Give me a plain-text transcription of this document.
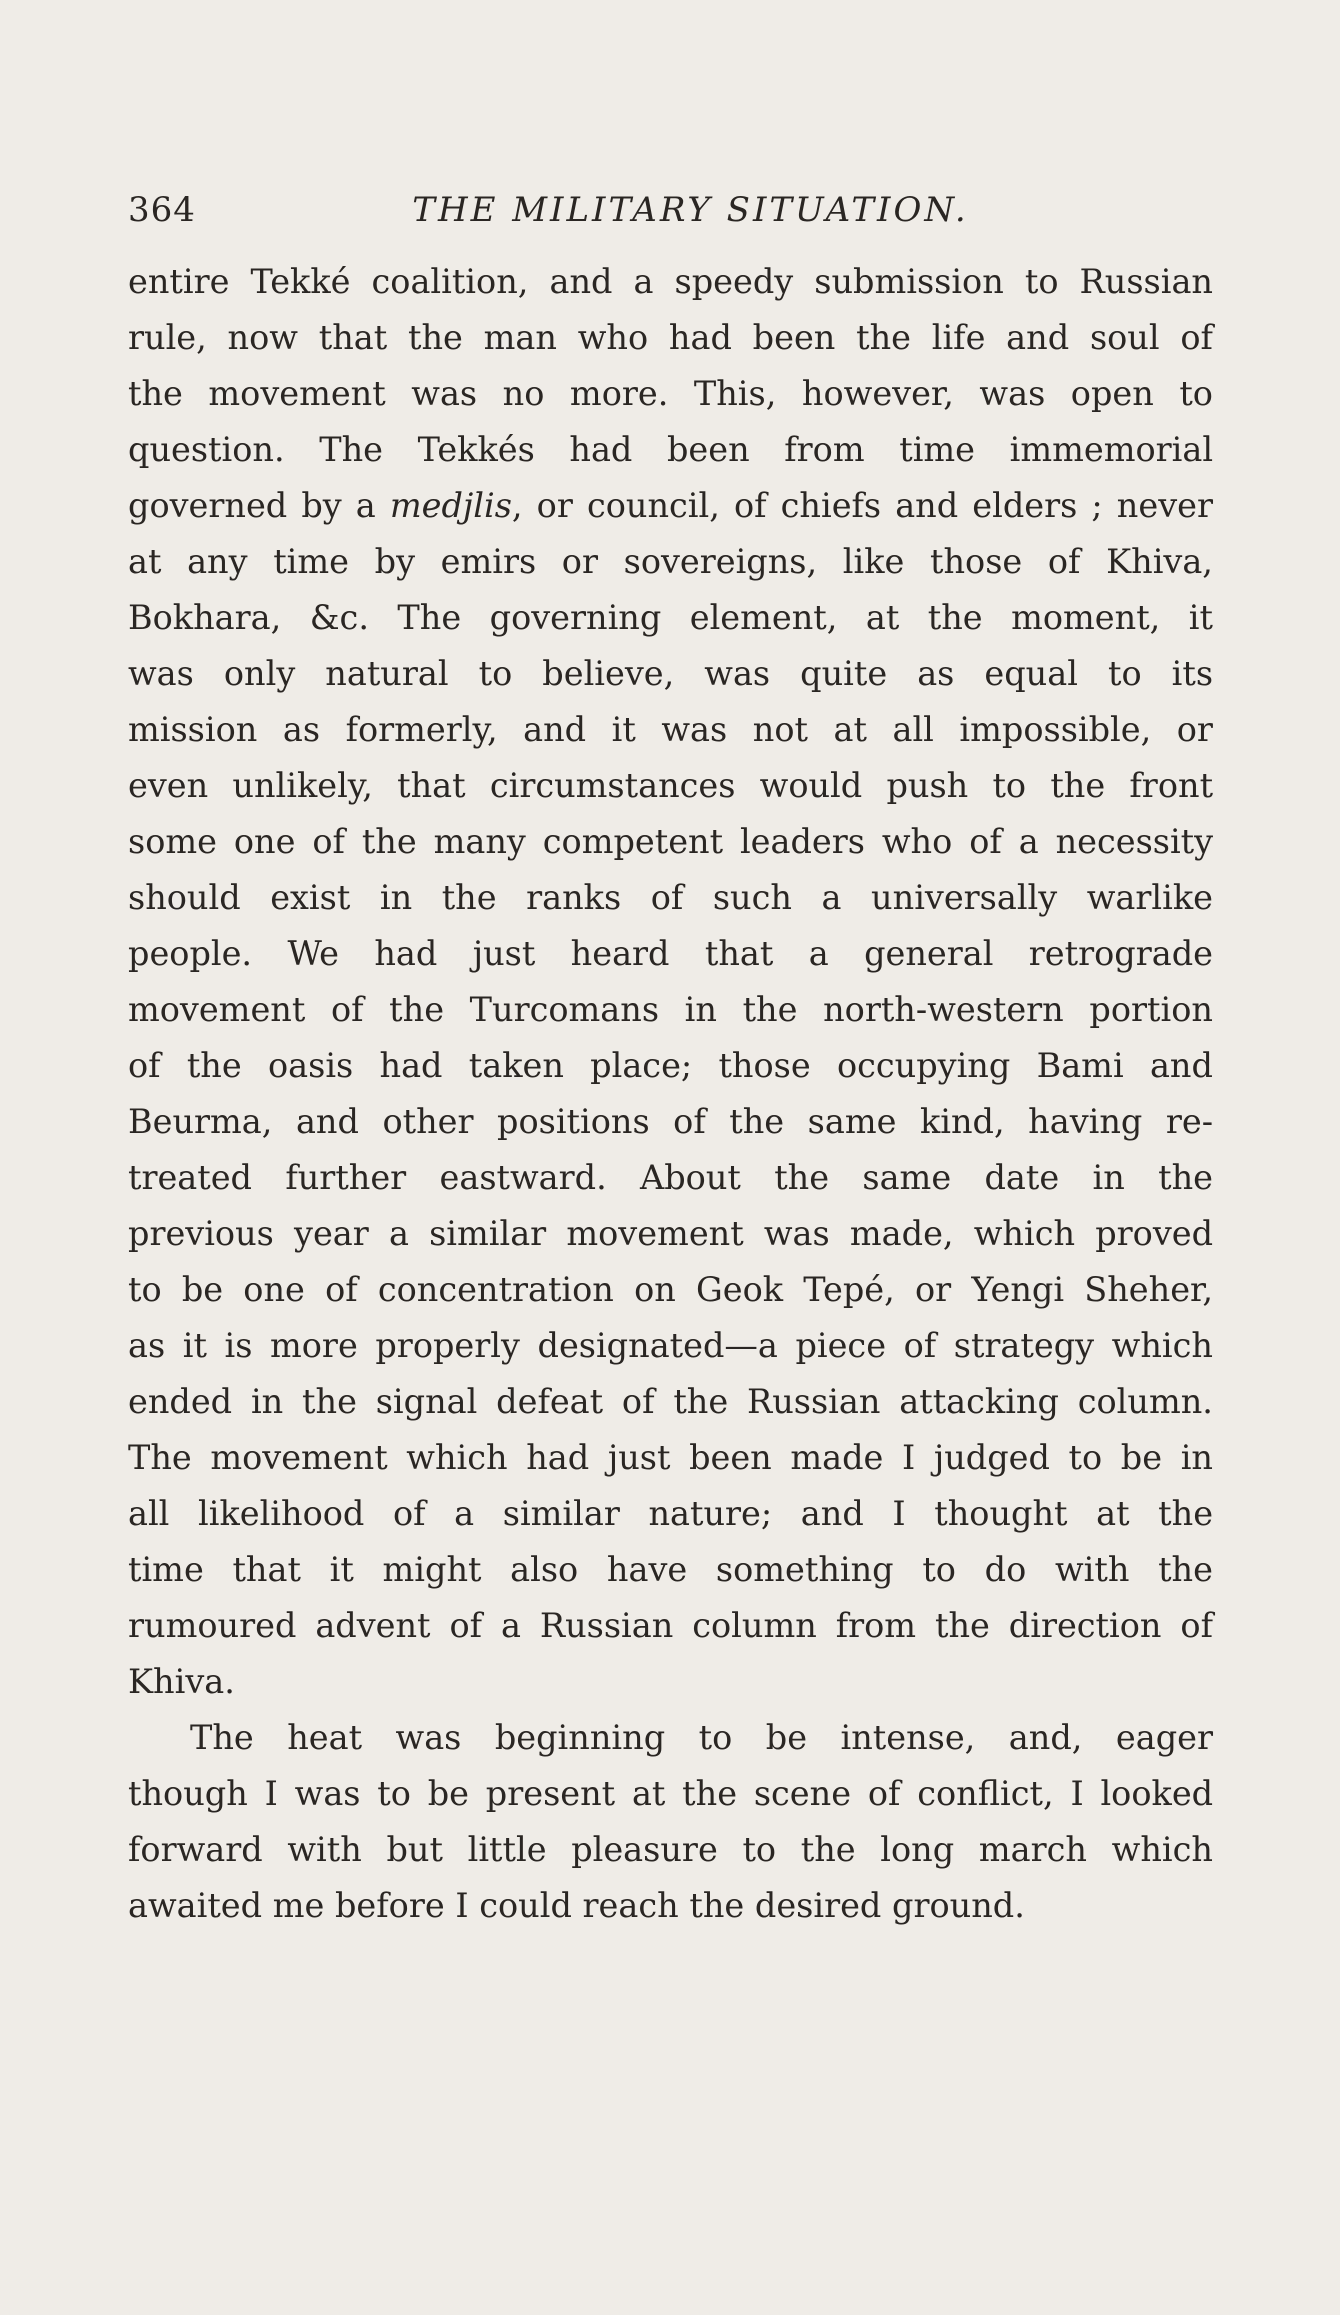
364	THE MILITARY SITUATION.
entire Tekké coalition, and a speedy submission to Russian
rule, now that the man who had been the life and soul of
the movement was no more. This, however, was open to
question. The Tekkés had been from time immemorial
governed by a medjlis, or council, of chiefs and elders ; never
at any time by emirs or sovereigns, like those of Khiva,
Bokhara, &c. The governing element, at the moment, it
was only natural to believe, was quite as equal to its
mission as formerly, and it was not at all impossible, or
even unlikely, that circumstances would push to the front
some one of the many competent leaders who of a necessity
should exist in the ranks of such a universally warlike
people. We had just heard that a general retrograde
movement of the Turcomans in the north-western portion
of the oasis had taken place; those occupying Bami and
Beurma, and other positions of the same kind, having re-
treated further eastward. About the same date in the
previous year a similar movement was made, which proved
to be one of concentration on Geok Tepé, or Yengi Sheher,
as it is more properly designated—a piece of strategy which
ended in the signal defeat of the Russian attacking column.
The movement which had just been made I judged to be in
all likelihood of a similar nature; and I thought at the
time that it might also have something to do with the
rumoured advent of a Russian column from the direction of
Khiva.
The heat was beginning to be intense, and, eager
though I was to be present at the scene of conflict, I looked
forward with but little pleasure to the long march which
awaited me before I could reach the desired ground.
